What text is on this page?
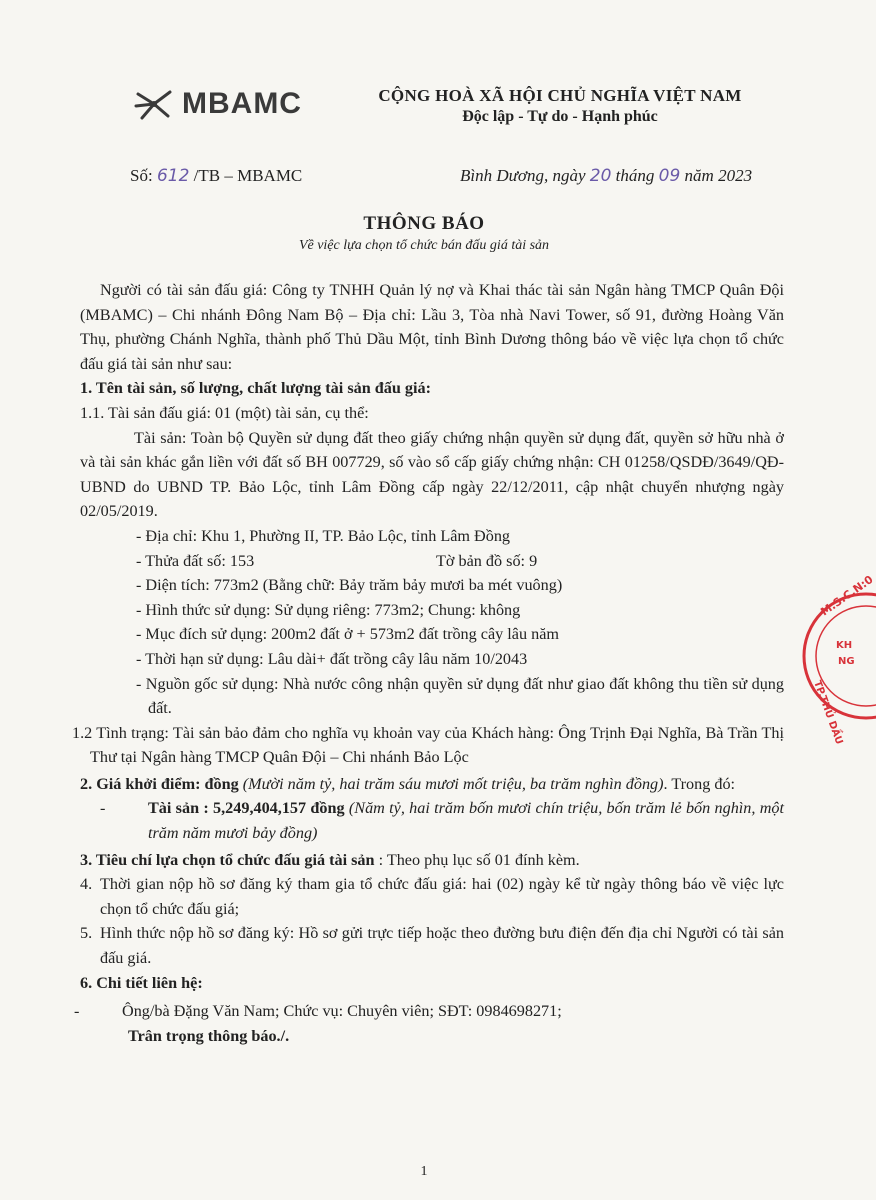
MBAMC	CỘNG HOÀ XÃ HỘI CHỦ NGHĨA VIỆT NAM
Độc lập - Tự do - Hạnh phúc
Số: 612 /TB – MBAMC	Bình Dương, ngày 20 tháng 09 năm 2023
THÔNG BÁO
Về việc lựa chọn tổ chức bán đấu giá tài sản

Người có tài sản đấu giá: Công ty TNHH Quản lý nợ và Khai thác tài sản Ngân hàng TMCP Quân Đội (MBAMC) – Chi nhánh Đông Nam Bộ – Địa chỉ: Lầu 3, Tòa nhà Navi Tower, số 91, đường Hoàng Văn Thụ, phường Chánh Nghĩa, thành phố Thủ Dầu Một, tỉnh Bình Dương thông báo về việc lựa chọn tổ chức đấu giá tài sản như sau:

1. Tên tài sản, số lượng, chất lượng tài sản đấu giá:

1.1. Tài sản đấu giá: 01 (một) tài sản, cụ thể:

Tài sản: Toàn bộ Quyền sử dụng đất theo giấy chứng nhận quyền sử dụng đất, quyền sở hữu nhà ở và tài sản khác gắn liền với đất số BH 007729, số vào sổ cấp giấy chứng nhận: CH 01258/QSDĐ/3649/QĐ-UBND do UBND TP. Bảo Lộc, tỉnh Lâm Đồng cấp ngày 22/12/2011, cập nhật chuyển nhượng ngày 02/05/2019.

- Địa chỉ: Khu 1, Phường II, TP. Bảo Lộc, tỉnh Lâm Đồng

- Thửa đất số: 153	Tờ bản đồ số: 9

- Diện tích: 773m2 (Bằng chữ: Bảy trăm bảy mươi ba mét vuông)

- Hình thức sử dụng: Sử dụng riêng: 773m2; Chung: không

- Mục đích sử dụng: 200m2 đất ở + 573m2 đất trồng cây lâu năm

- Thời hạn sử dụng: Lâu dài+ đất trồng cây lâu năm 10/2043

- Nguồn gốc sử dụng: Nhà nước công nhận quyền sử dụng đất như giao đất không thu tiền sử dụng đất.

1.2 Tình trạng: Tài sản bảo đảm cho nghĩa vụ khoản vay của Khách hàng: Ông Trịnh Đại Nghĩa, Bà Trần Thị Thư tại Ngân hàng TMCP Quân Đội – Chi nhánh Bảo Lộc

2. Giá khởi điểm: đồng (Mười năm tỷ, hai trăm sáu mươi mốt triệu, ba trăm nghìn đồng). Trong đó:

-	Tài sản : 5,249,404,157 đồng (Năm tỷ, hai trăm bốn mươi chín triệu, bốn trăm lẻ bốn nghìn, một trăm năm mươi bảy đồng)

3. Tiêu chí lựa chọn tổ chức đấu giá tài sản : Theo phụ lục số 01 đính kèm.

4. Thời gian nộp hồ sơ đăng ký tham gia tổ chức đấu giá: hai (02) ngày kể từ ngày thông báo về việc lực chọn tổ chức đấu giá;
5. Hình thức nộp hồ sơ đăng ký: Hồ sơ gửi trực tiếp hoặc theo đường bưu điện đến địa chỉ Người có tài sản đấu giá.

6. Chi tiết liên hệ:

-	Ông/bà Đặng Văn Nam; Chức vụ: Chuyên viên; SĐT: 0984698271;

Trân trọng thông báo./.

M.S.C.N:0
KH
NG
TP.THỦ DẦU
1
